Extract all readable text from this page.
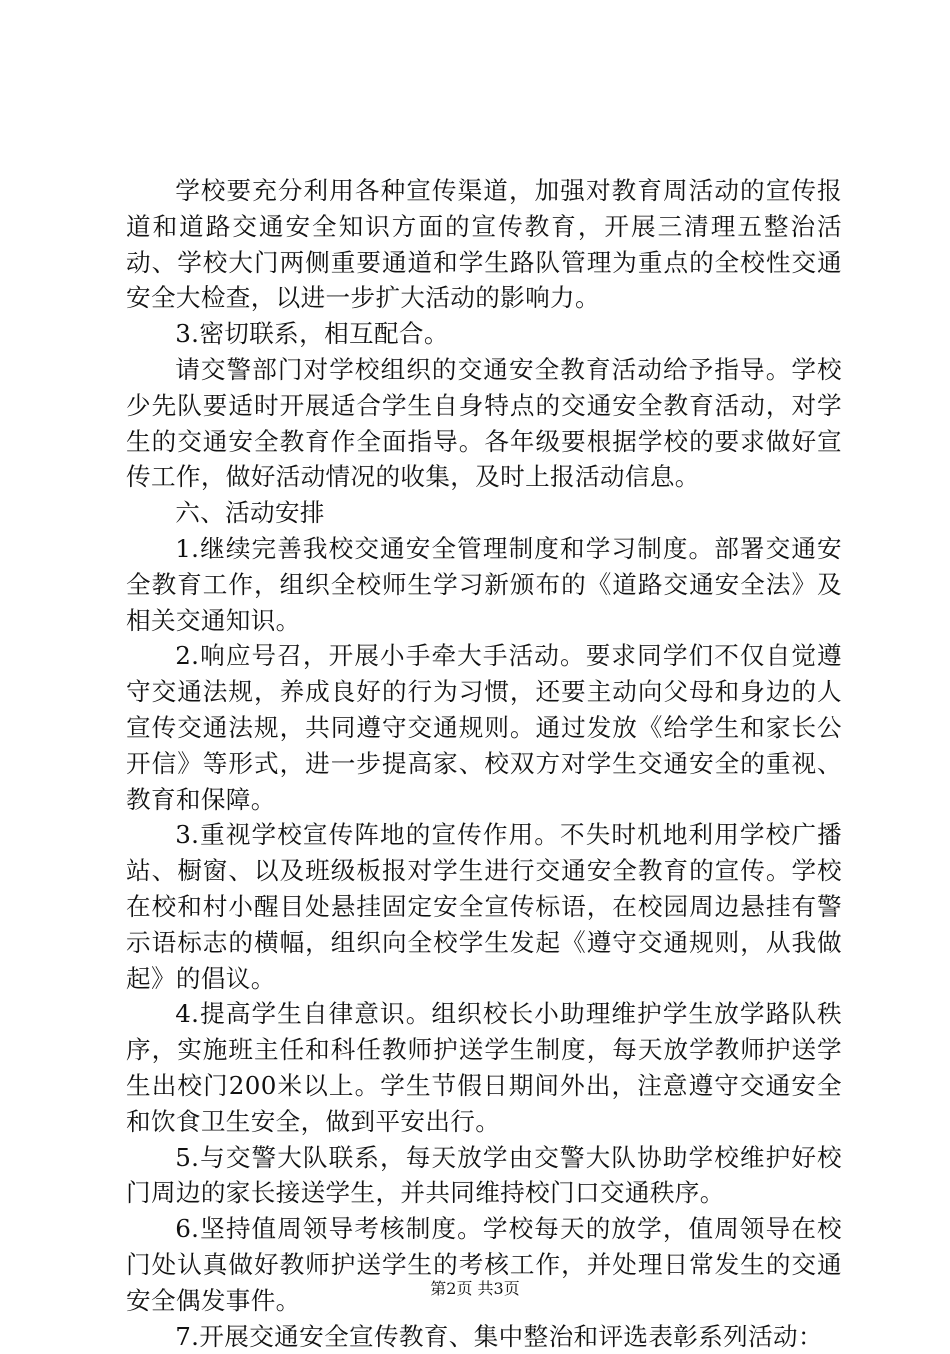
学校要充分利用各种宣传渠道，加强对教育周活动的宣传报道和道路交通安全知识方面的宣传教育，开展三清理五整治活动、学校大门两侧重要通道和学生路队管理为重点的全校性交通安全大检查，以进一步扩大活动的影响力。

3.密切联系，相互配合。

请交警部门对学校组织的交通安全教育活动给予指导。学校少先队要适时开展适合学生自身特点的交通安全教育活动，对学生的交通安全教育作全面指导。各年级要根据学校的要求做好宣传工作，做好活动情况的收集，及时上报活动信息。

六、活动安排

1.继续完善我校交通安全管理制度和学习制度。部署交通安全教育工作，组织全校师生学习新颁布的《道路交通安全法》及相关交通知识。

2.响应号召，开展小手牵大手活动。要求同学们不仅自觉遵守交通法规，养成良好的行为习惯，还要主动向父母和身边的人宣传交通法规，共同遵守交通规则。通过发放《给学生和家长公开信》等形式，进一步提高家、校双方对学生交通安全的重视、教育和保障。

3.重视学校宣传阵地的宣传作用。不失时机地利用学校广播站、橱窗、以及班级板报对学生进行交通安全教育的宣传。学校在校和村小醒目处悬挂固定安全宣传标语，在校园周边悬挂有警示语标志的横幅，组织向全校学生发起《遵守交通规则，从我做起》的倡议。

4.提高学生自律意识。组织校长小助理维护学生放学路队秩序，实施班主任和科任教师护送学生制度，每天放学教师护送学生出校门200米以上。学生节假日期间外出，注意遵守交通安全和饮食卫生安全，做到平安出行。

5.与交警大队联系，每天放学由交警大队协助学校维护好校门周边的家长接送学生，并共同维持校门口交通秩序。

6.坚持值周领导考核制度。学校每天的放学，值周领导在校门处认真做好教师护送学生的考核工作，并处理日常发生的交通安全偶发事件。

7.开展交通安全宣传教育、集中整治和评选表彰系列活动：

第2页 共3页
